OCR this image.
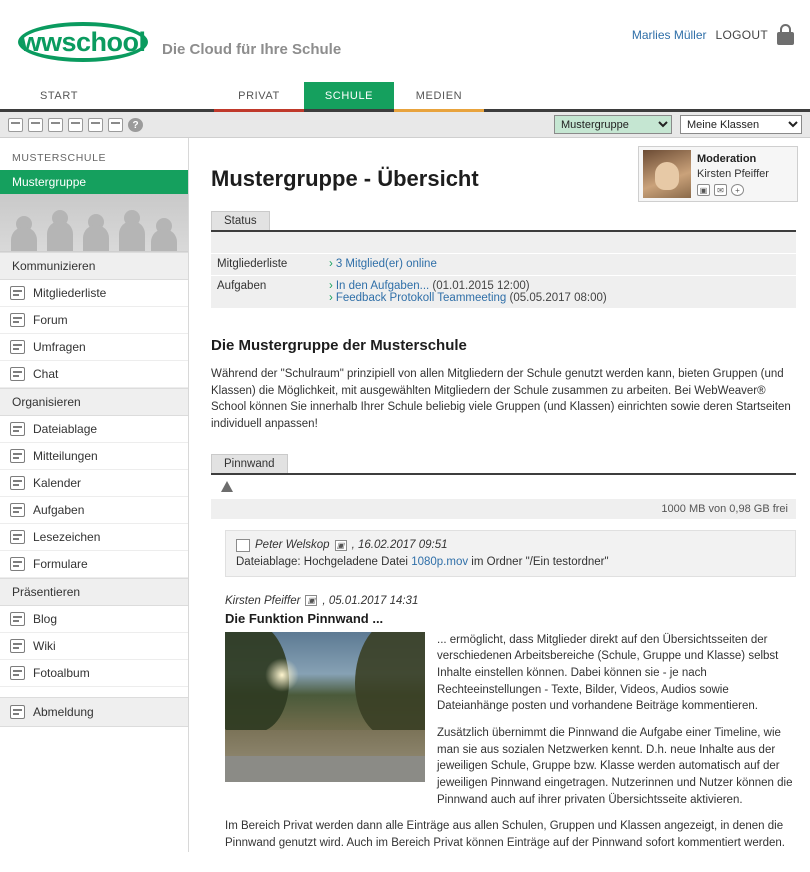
wwschool Die Cloud für Ihre Schule
Marlies Müller LOGOUT
START	PRIVAT	SCHULE	MEDIEN
?
Mustergruppe
Meine Klassen
MUSTERSCHULE
Mustergruppe
Kommunizieren
Mitgliederliste
Forum
Umfragen
Chat
Organisieren
Dateiablage
Mitteilungen
Kalender
Aufgaben
Lesezeichen
Formulare
Präsentieren
Blog
Wiki
Fotoalbum
Abmeldung
Moderation
Kirsten Pfeiffer
▣	✉	+
Mustergruppe - Übersicht
Status
Mitgliederliste	› 3 Mitglied(er) online
Aufgaben	› In den Aufgaben... (01.01.2015 12:00)
› Feedback Protokoll Teammeeting (05.05.2017 08:00)
Die Mustergruppe der Musterschule

Während der "Schulraum" prinzipiell von allen Mitgliedern der Schule genutzt werden kann, bieten Gruppen (und Klassen) die Möglichkeit, mit ausgewählten Mitgliedern der Schule zusammen zu arbeiten. Bei WebWeaver® School können Sie innerhalb Ihrer Schule beliebig viele Gruppen (und Klassen) einrichten sowie deren Startseiten individuell anpassen!

Pinnwand
1000 MB von 0,98 GB frei
Peter Welskop ▣ , 16.02.2017 09:51
Dateiablage: Hochgeladene Datei 1080p.mov im Ordner "/Ein testordner"
Kirsten Pfeiffer ▣ , 05.01.2017 14:31
Die Funktion Pinnwand ...

... ermöglicht, dass Mitglieder direkt auf den Übersichtsseiten der verschiedenen Arbeitsbereiche (Schule, Gruppe und Klasse) selbst Inhalte einstellen können. Dabei können sie - je nach Rechteeinstellungen - Texte, Bilder, Videos, Audios sowie Dateianhänge posten und vorhandene Beiträge kommentieren.

Zusätzlich übernimmt die Pinnwand die Aufgabe einer Timeline, wie man sie aus sozialen Netzwerken kennt. D.h. neue Inhalte aus der jeweiligen Schule, Gruppe bzw. Klasse werden automatisch auf der jeweiligen Pinnwand eingetragen. Nutzerinnen und Nutzer können die Pinnwand auch auf ihrer privaten Übersichtsseite aktivieren.

Im Bereich Privat werden dann alle Einträge aus allen Schulen, Gruppen und Klassen angezeigt, in denen die Pinnwand genutzt wird. Auch im Bereich Privat können Einträge auf der Pinnwand sofort kommentiert werden.
